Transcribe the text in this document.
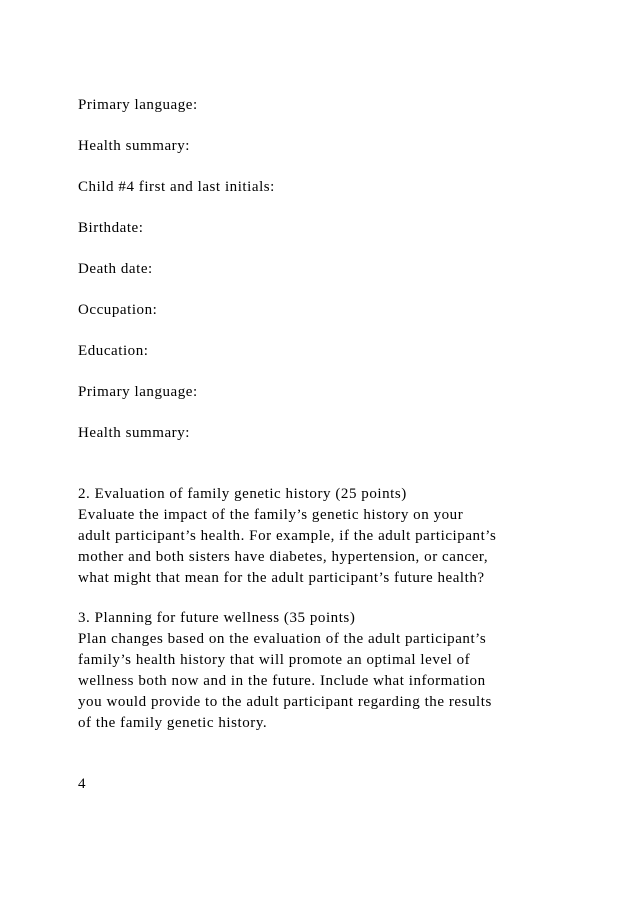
Primary language:
Health summary:
Child #4 first and last initials:
Birthdate:
Death date:
Occupation:
Education:
Primary language:
Health summary:
2. Evaluation of family genetic history (25 points)
Evaluate the impact of the family’s genetic history on your
adult participant’s health. For example, if the adult participant’s
mother and both sisters have diabetes, hypertension, or cancer,
what might that mean for the adult participant’s future health?
3. Planning for future wellness (35 points)
Plan changes based on the evaluation of the adult participant’s
family’s health history that will promote an optimal level of
wellness both now and in the future. Include what information
you would provide to the adult participant regarding the results
of the family genetic history.
4
